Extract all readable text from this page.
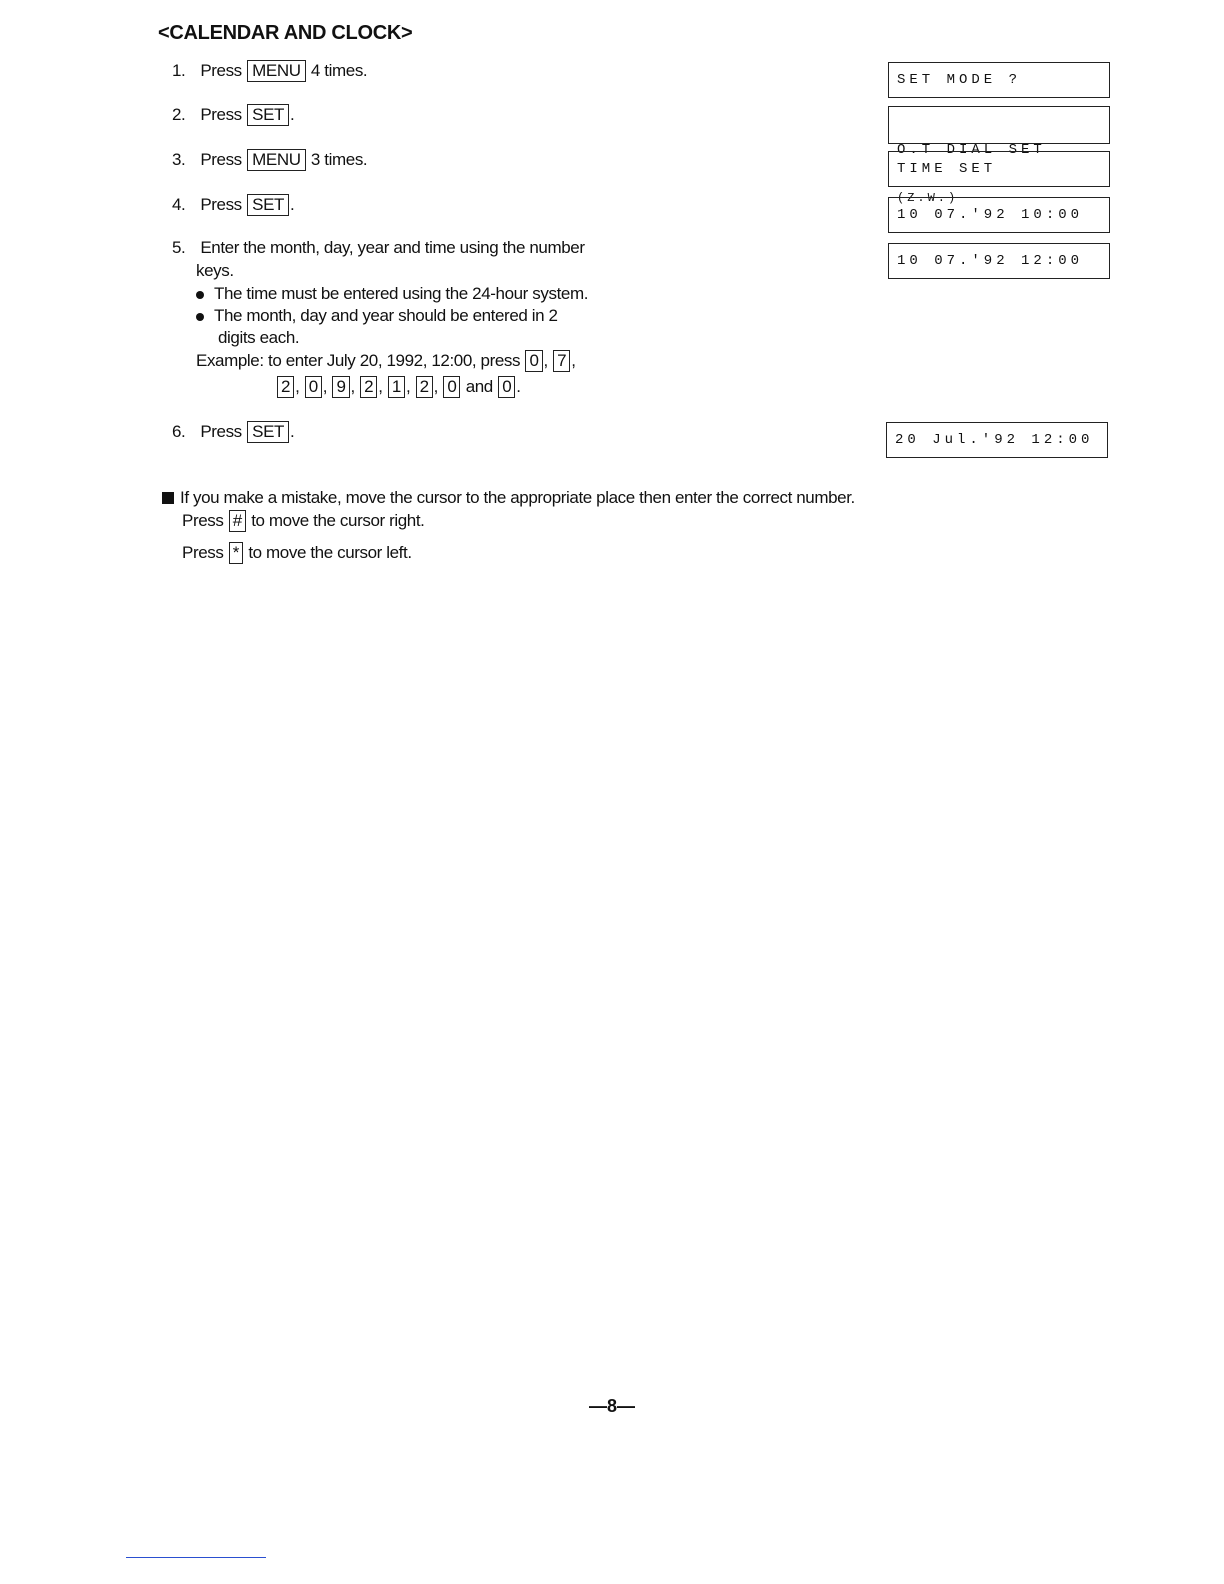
<CALENDAR AND CLOCK>
1. Press MENU 4 times.
2. Press SET .
3. Press MENU 3 times.
4. Press SET .
5. Enter the month, day, year and time using the number
keys.
The time must be entered using the 24-hour system.
The month, day and year should be entered in 2
digits each.
Example: to enter July 20, 1992, 12:00, press 0 , 7 ,
2 , 0 , 9 , 2 , 1 , 2 , 0 and 0 .
6. Press SET .
SET MODE ?

O.T DIAL SET

(Z.W.)

TIME SET
10 07.'92 10:00
10 07.'92 12:00
20 Jul.'92 12:00
If you make a mistake, move the cursor to the appropriate place then enter the correct number.
Press # to move the cursor right.
Press * to move the cursor left.
—8—
